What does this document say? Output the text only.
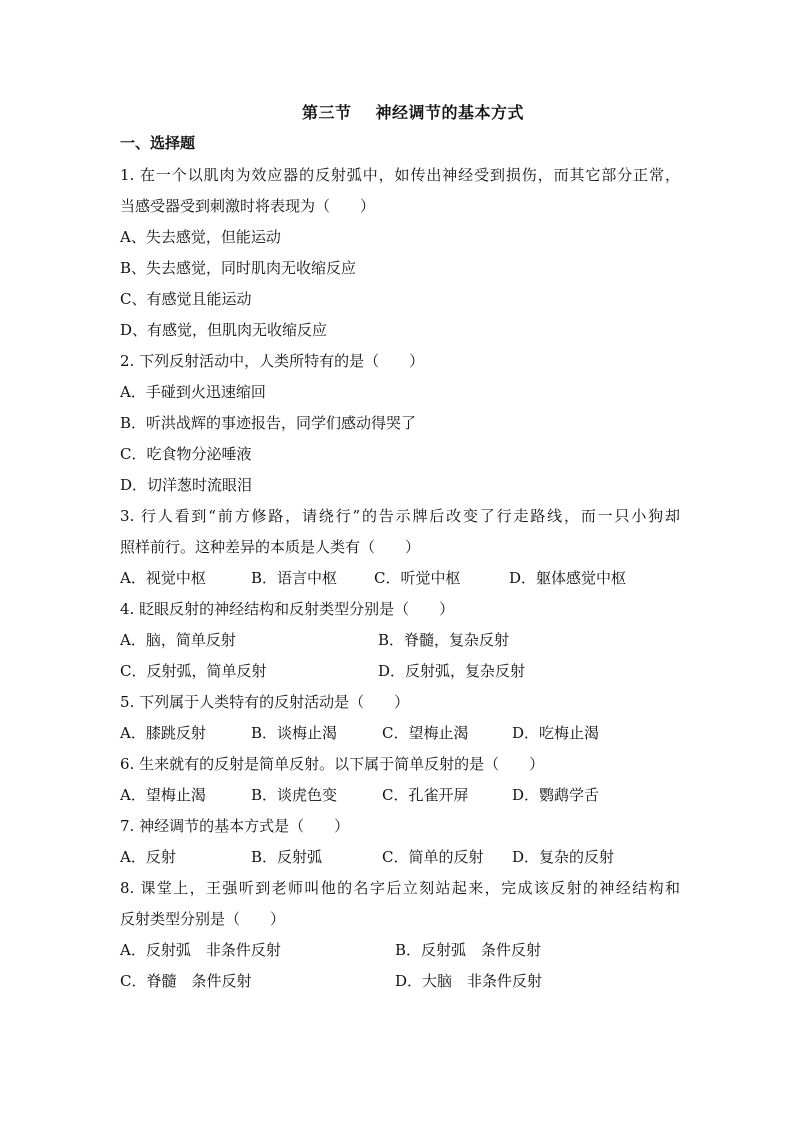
第三节 神经调节的基本方式
一、选择题
1. 在一个以肌肉为效应器的反射弧中，如传出神经受到损伤，而其它部分正常，
当感受器受到刺激时将表现为（　　）
A、失去感觉，但能运动
B、失去感觉，同时肌肉无收缩反应
C、有感觉且能运动
D、有感觉，但肌肉无收缩反应
2. 下列反射活动中，人类所特有的是（　　）
A．手碰到火迅速缩回
B．听洪战辉的事迹报告，同学们感动得哭了
C．吃食物分泌唾液
D．切洋葱时流眼泪
3. 行人看到“前方修路，请绕行”的告示牌后改变了行走路线，而一只小狗却
照样前行。这种差异的本质是人类有（　　）
A．视觉中枢	B．语言中枢	C．听觉中枢	D．躯体感觉中枢
4. 眨眼反射的神经结构和反射类型分别是（　　）
A．脑，简单反射	B．脊髓，复杂反射
C．反射弧，简单反射	D．反射弧，复杂反射
5. 下列属于人类特有的反射活动是（　　）
A．膝跳反射	B．谈梅止渴	C．望梅止渴	D．吃梅止渴
6. 生来就有的反射是简单反射。以下属于简单反射的是（　　）
A．望梅止渴	B．谈虎色变	C．孔雀开屏	D．鹦鹉学舌
7. 神经调节的基本方式是（　　）
A．反射	B．反射弧	C．简单的反射	D．复杂的反射
8. 课堂上，王强听到老师叫他的名字后立刻站起来，完成该反射的神经结构和
反射类型分别是（　　）
A．反射弧　非条件反射	B．反射弧　条件反射
C．脊髓　条件反射	D．大脑　非条件反射
